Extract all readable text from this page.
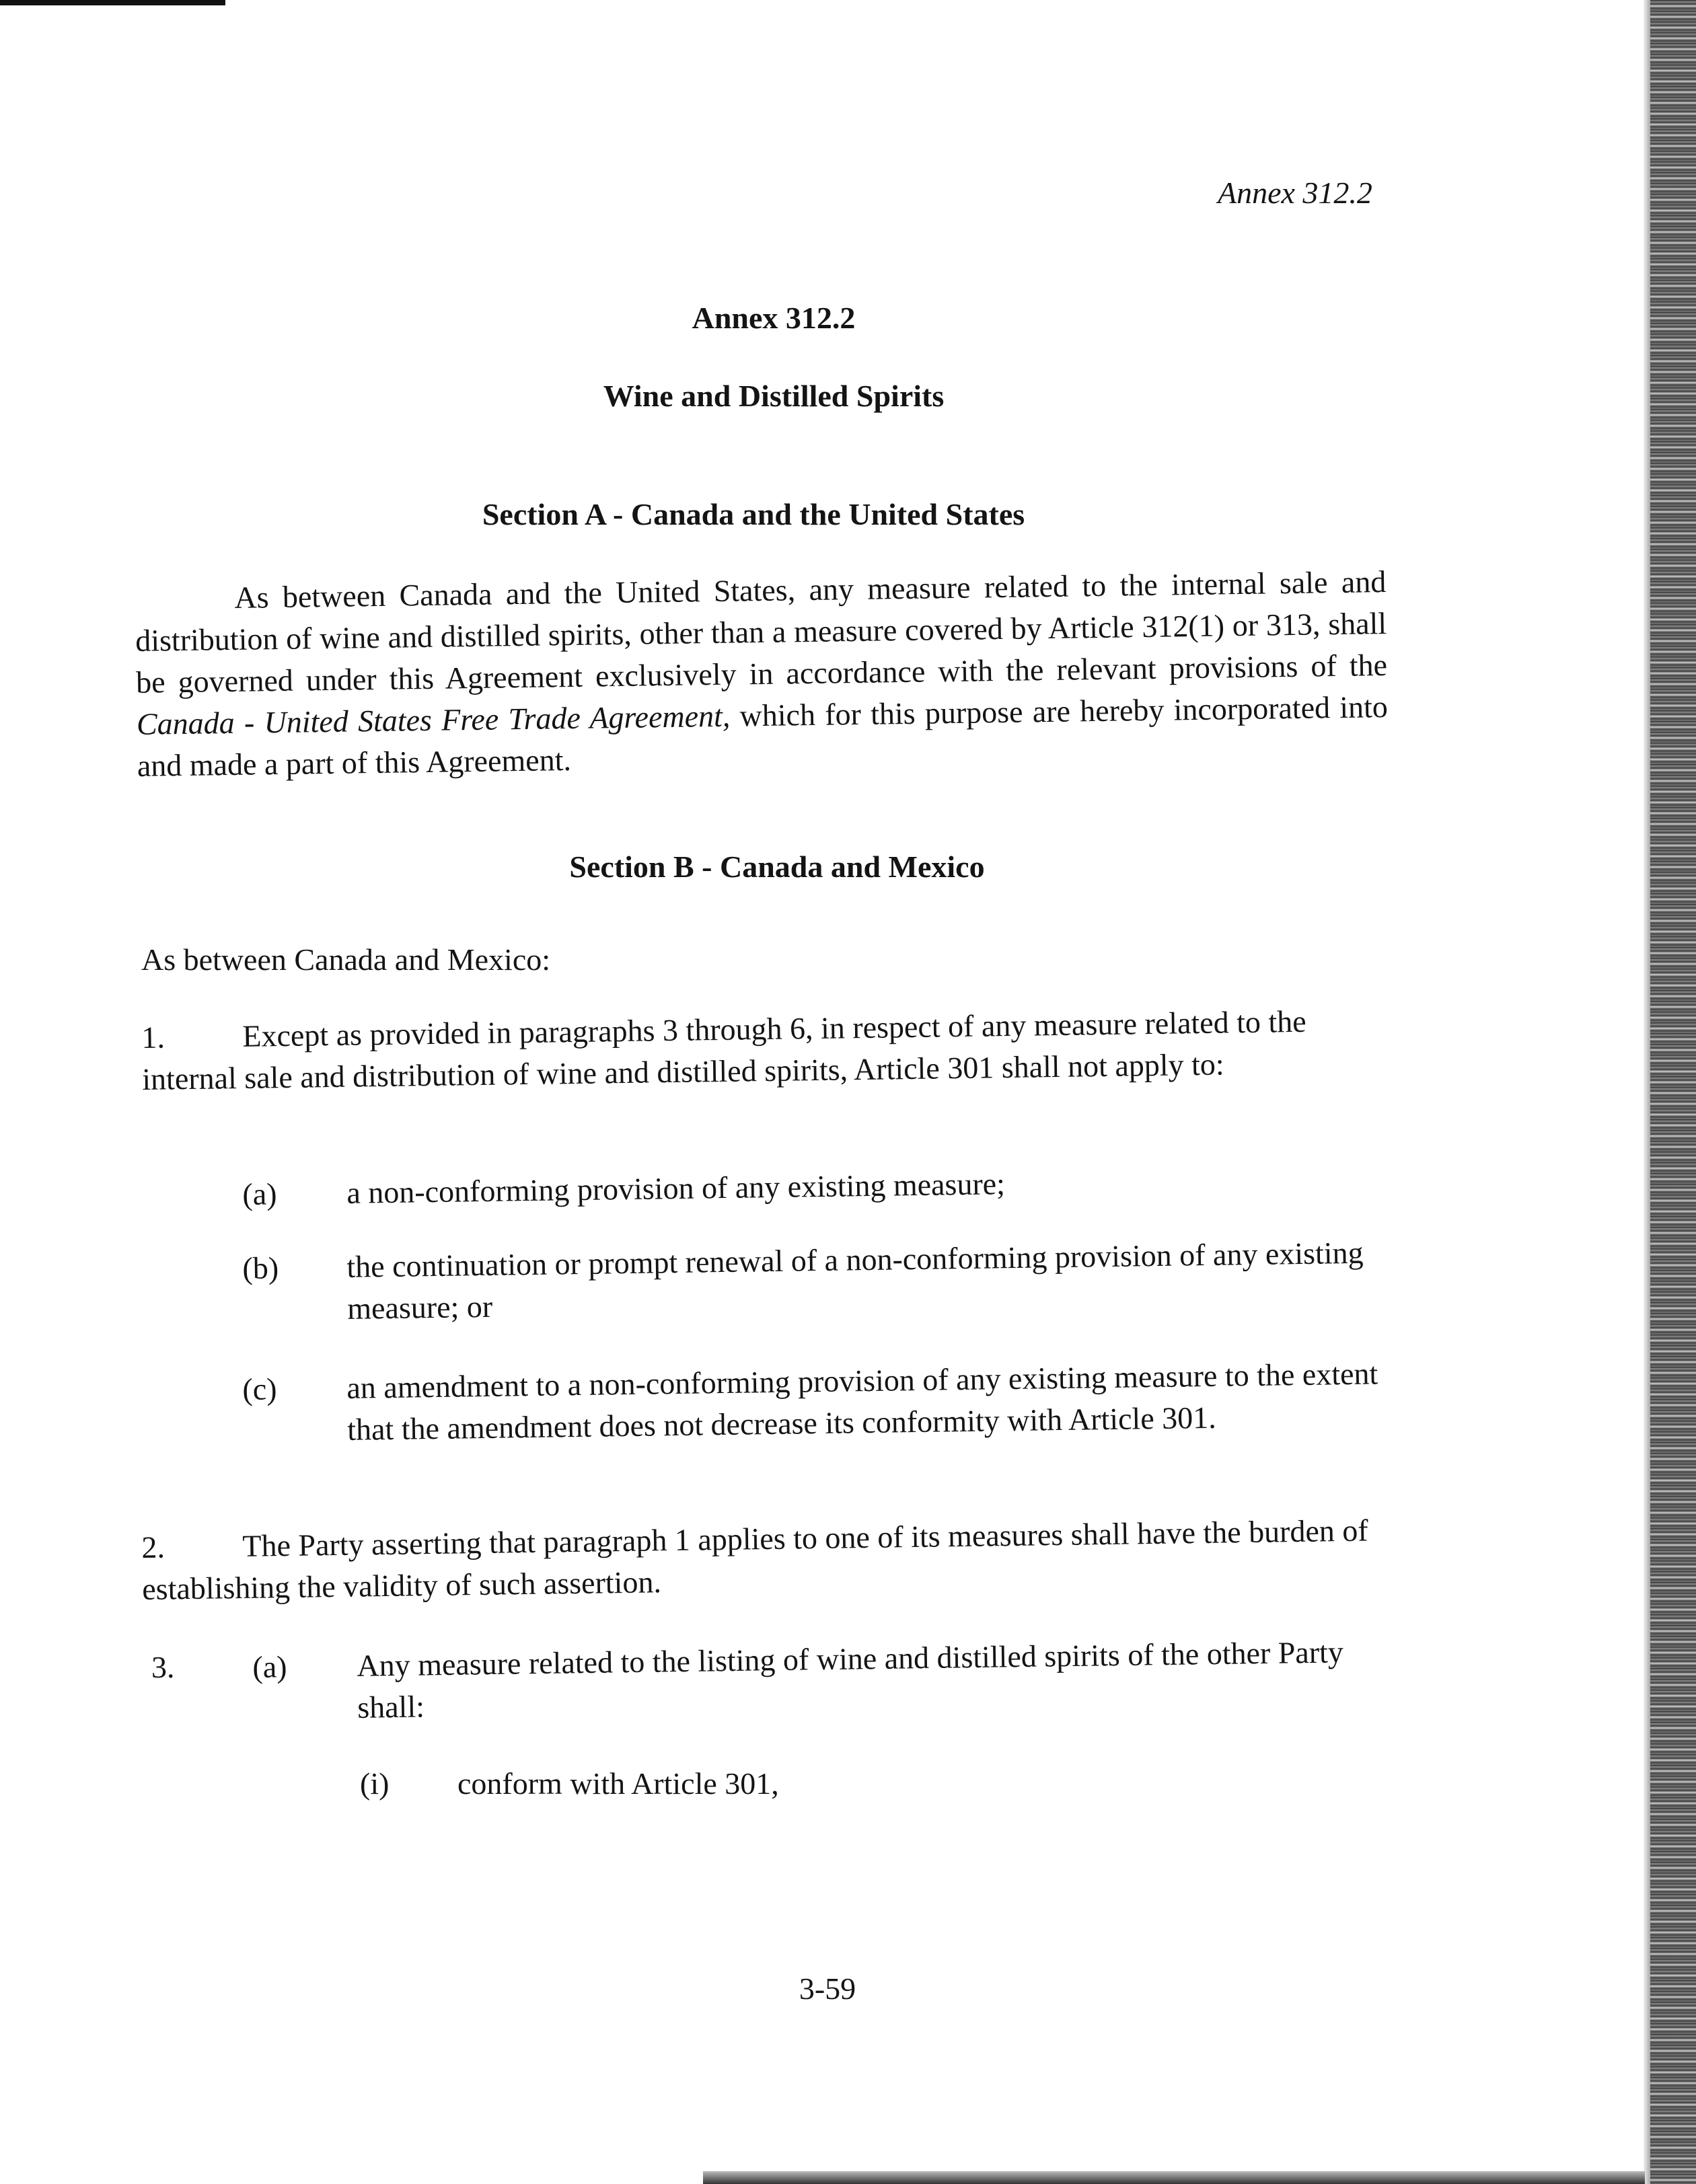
Annex 312.2
Annex 312.2
Wine and Distilled Spirits
Section A - Canada and the United States

As between Canada and the United States, any measure related to the internal sale and distribution of wine and distilled spirits, other than a measure covered by Article 312(1) or 313, shall be governed under this Agreement exclusively in accordance with the relevant provisions of the Canada - United States Free Trade Agreement, which for this purpose are hereby incorporated into and made a part of this Agreement.

Section B - Canada and Mexico
As between Canada and Mexico:

1. Except as provided in paragraphs 3 through 6, in respect of any measure related to the internal sale and distribution of wine and distilled spirits, Article 301 shall not apply to:

(a) a non-conforming provision of any existing measure;
(b) the continuation or prompt renewal of a non-conforming provision of any existing measure; or
(c) an amendment to a non-conforming provision of any existing measure to the extent that the amendment does not decrease its conformity with Article 301.

2. The Party asserting that paragraph 1 applies to one of its measures shall have the burden of establishing the validity of such assertion.

3.	(a) Any measure related to the listing of wine and distilled spirits of the other Party shall:
(i) conform with Article 301,
3-59
